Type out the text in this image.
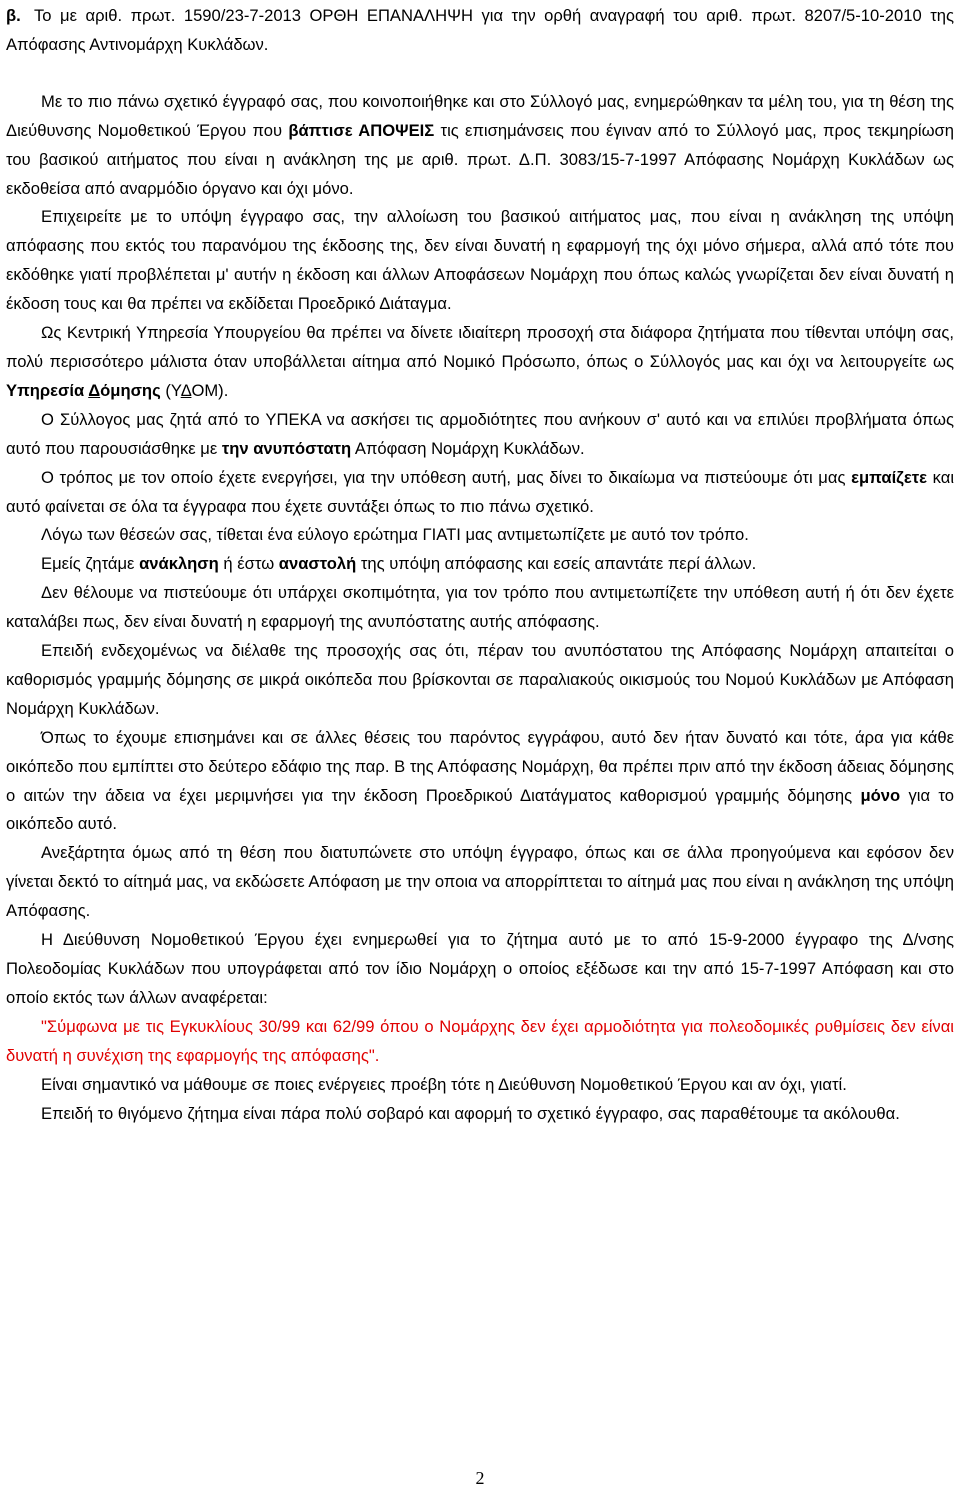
β. Το με αριθ. πρωτ. 1590/23-7-2013 ΟΡΘΗ ΕΠΑΝΑΛΗΨΗ για την ορθή αναγραφή του αριθ. πρωτ. 8207/5-10-2010 της Απόφασης Αντινομάρχη Κυκλάδων.

Με το πιο πάνω σχετικό έγγραφό σας, που κοινοποιήθηκε και στο Σύλλογό μας, ενημερώθηκαν τα μέλη του, για τη θέση της Διεύθυνσης Νομοθετικού Έργου που βάπτισε ΑΠΟΨΕΙΣ τις επισημάνσεις που έγιναν από το Σύλλογό μας, προς τεκμηρίωση του βασικού αιτήματος που είναι η ανάκληση της με αριθ. πρωτ. Δ.Π. 3083/15-7-1997 Απόφασης Νομάρχη Κυκλάδων ως εκδοθείσα από αναρμόδιο όργανο και όχι μόνο.

Επιχειρείτε με το υπόψη έγγραφο σας, την αλλοίωση του βασικού αιτήματος μας, που είναι η ανάκληση της υπόψη απόφασης που εκτός του παρανόμου της έκδοσης της, δεν είναι δυνατή η εφαρμογή της όχι μόνο σήμερα, αλλά από τότε που εκδόθηκε γιατί προβλέπεται μ' αυτήν η έκδοση και άλλων Αποφάσεων Νομάρχη που όπως καλώς γνωρίζεται δεν είναι δυνατή η έκδοση τους και θα πρέπει να εκδίδεται Προεδρικό Διάταγμα.

Ως Κεντρική Υπηρεσία Υπουργείου θα πρέπει να δίνετε ιδιαίτερη προσοχή στα διάφορα ζητήματα που τίθενται υπόψη σας, πολύ περισσότερο μάλιστα όταν υποβάλλεται αίτημα από Νομικό Πρόσωπο, όπως ο Σύλλογός μας και όχι να λειτουργείτε ως Υπηρεσία Δόμησης (ΥΔΟΜ).

Ο Σύλλογος μας ζητά από το ΥΠΕΚΑ να ασκήσει τις αρμοδιότητες που ανήκουν σ' αυτό και να επιλύει προβλήματα όπως αυτό που παρουσιάσθηκε με την ανυπόστατη Απόφαση Νομάρχη Κυκλάδων.

Ο τρόπος με τον οποίο έχετε ενεργήσει, για την υπόθεση αυτή, μας δίνει το δικαίωμα να πιστεύουμε ότι μας εμπαίζετε και αυτό φαίνεται σε όλα τα έγγραφα που έχετε συντάξει όπως το πιο πάνω σχετικό.

Λόγω των θέσεών σας, τίθεται ένα εύλογο ερώτημα ΓΙΑΤΙ μας αντιμετωπίζετε με αυτό τον τρόπο.

Εμείς ζητάμε ανάκληση ή έστω αναστολή της υπόψη απόφασης και εσείς απαντάτε περί άλλων.

Δεν θέλουμε να πιστεύουμε ότι υπάρχει σκοπιμότητα, για τον τρόπο που αντιμετωπίζετε την υπόθεση αυτή ή ότι δεν έχετε καταλάβει πως, δεν είναι δυνατή η εφαρμογή της ανυπόστατης αυτής απόφασης.

Επειδή ενδεχομένως να διέλαθε της προσοχής σας ότι, πέραν του ανυπόστατου της Απόφασης Νομάρχη απαιτείται ο καθορισμός γραμμής δόμησης σε μικρά οικόπεδα που βρίσκονται σε παραλιακούς οικισμούς του Νομού Κυκλάδων με Απόφαση Νομάρχη Κυκλάδων.

Όπως το έχουμε επισημάνει και σε άλλες θέσεις του παρόντος εγγράφου, αυτό δεν ήταν δυνατό και τότε, άρα για κάθε οικόπεδο που εμπίπτει στο δεύτερο εδάφιο της παρ. Β της Απόφασης Νομάρχη, θα πρέπει πριν από την έκδοση άδειας δόμησης ο αιτών την άδεια να έχει μεριμνήσει για την έκδοση Προεδρικού Διατάγματος καθορισμού γραμμής δόμησης μόνο για το οικόπεδο αυτό.

Ανεξάρτητα όμως από τη θέση που διατυπώνετε στο υπόψη έγγραφο, όπως και σε άλλα προηγούμενα και εφόσον δεν γίνεται δεκτό το αίτημά μας, να εκδώσετε Απόφαση με την οποια να απορρίπτεται το αίτημά μας που είναι η ανάκληση της υπόψη Απόφασης.

Η Διεύθυνση Νομοθετικού Έργου έχει ενημερωθεί για το ζήτημα αυτό με το από 15-9-2000 έγγραφο της Δ/νσης Πολεοδομίας Κυκλάδων που υπογράφεται από τον ίδιο Νομάρχη ο οποίος εξέδωσε και την από 15-7-1997 Απόφαση και στο οποίο εκτός των άλλων αναφέρεται:

"Σύμφωνα με τις Εγκυκλίους 30/99 και 62/99 όπου ο Νομάρχης δεν έχει αρμοδιότητα για πολεοδομικές ρυθμίσεις δεν είναι δυνατή η συνέχιση της εφαρμογής της απόφασης".

Είναι σημαντικό να μάθουμε σε ποιες ενέργειες προέβη τότε η Διεύθυνση Νομοθετικού Έργου και αν όχι, γιατί.

Επειδή το θιγόμενο ζήτημα είναι πάρα πολύ σοβαρό και αφορμή το σχετικό έγγραφο, σας παραθέτουμε τα ακόλουθα.

2
